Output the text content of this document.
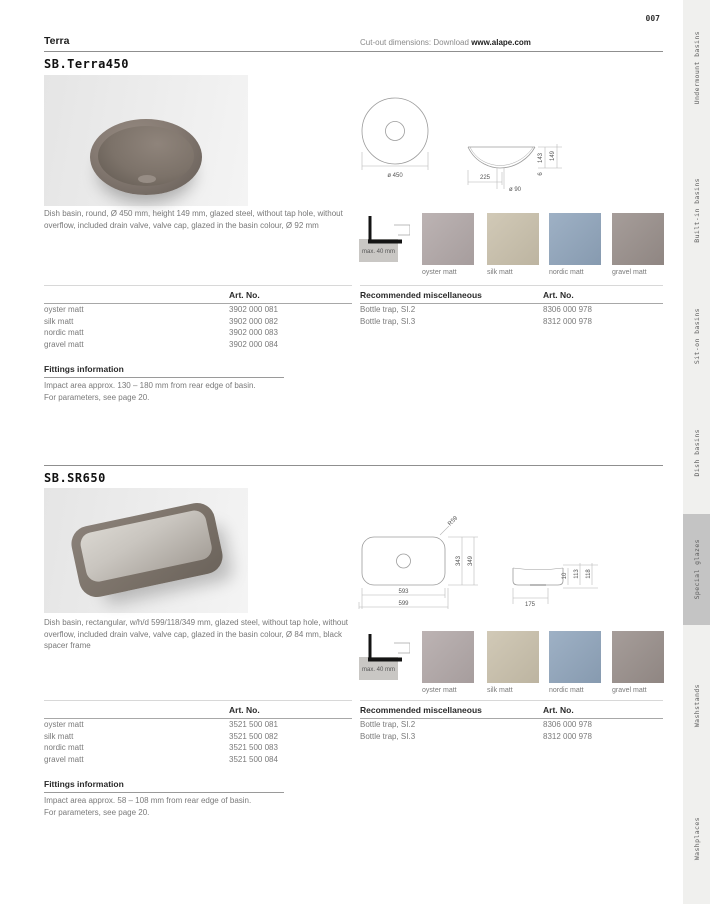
007
Terra	Cut-out dimensions: Download www.alape.com
SB.Terra450
ø 450	225
ø 90
143 149
6
Dish basin, round, Ø 450 mm, height 149 mm, glazed steel, without tap hole, without overflow, included drain valve, valve cap, glazed in the basin colour, Ø 92 mm
max. 40 mm
oyster matt	silk matt	nordic matt	gravel matt
Art. No.
oyster matt	3902 000 081
silk matt	3902 000 082
nordic matt	3902 000 083
gravel matt	3902 000 084
Recommended miscellaneous	Art. No.
Bottle trap, SI.2	8306 000 978
Bottle trap, SI.3	8312 000 978
Fittings information
Impact area approx. 130 – 180 mm from rear edge of basin.
For parameters, see page 20.
SB.SR650
R59
343 349
593
599
10 113 118
175
Dish basin, rectangular, w/h/d 599/118/349 mm, glazed steel, without tap hole, without overflow, included drain valve, valve cap, glazed in the basin colour, Ø 84 mm, black spacer frame
max. 40 mm
oyster matt	silk matt	nordic matt	gravel matt
Art. No.
oyster matt	3521 500 081
silk matt	3521 500 082
nordic matt	3521 500 083
gravel matt	3521 500 084
Recommended miscellaneous	Art. No.
Bottle trap, SI.2	8306 000 978
Bottle trap, SI.3	8312 000 978
Fittings information
Impact area approx. 58 – 108 mm from rear edge of basin.
For parameters, see page 20.
Undermount basins
Built-in basins
Sit-on basins
Dish basins
Special glazes
Washstands
Washplaces
